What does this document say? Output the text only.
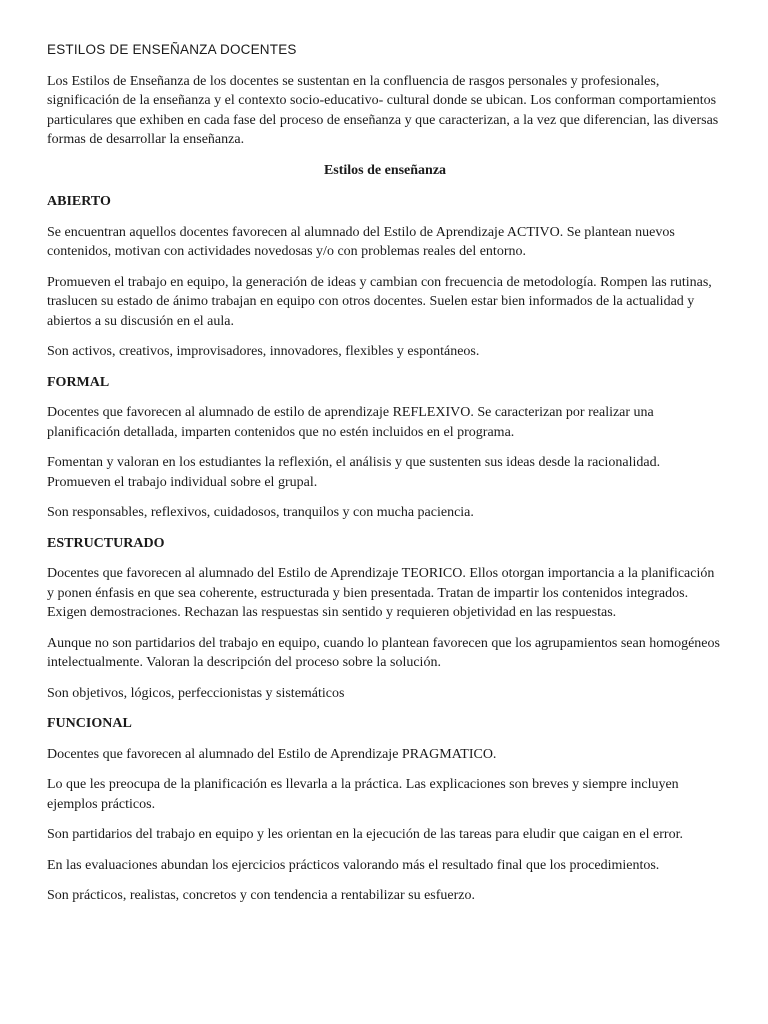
ESTILOS DE ENSEÑANZA DOCENTES

Los Estilos de Enseñanza de los docentes se sustentan en la confluencia de rasgos personales y profesionales, significación de la enseñanza y el contexto socio-educativo- cultural donde se ubican. Los conforman comportamientos particulares que exhiben en cada fase del proceso de enseñanza y que caracterizan, a la vez que diferencian, las diversas formas de desarrollar la enseñanza.

Estilos de enseñanza

ABIERTO

Se encuentran aquellos docentes favorecen al alumnado del Estilo de Aprendizaje ACTIVO. Se plantean nuevos contenidos, motivan con actividades novedosas y/o con problemas reales del entorno.

Promueven el trabajo en equipo, la generación de ideas y cambian con frecuencia de metodología. Rompen las rutinas, traslucen su estado de ánimo trabajan en equipo con otros docentes. Suelen estar bien informados de la actualidad y abiertos a su discusión en el aula.

Son activos, creativos, improvisadores, innovadores, flexibles y espontáneos.

FORMAL

Docentes que favorecen al alumnado de estilo de aprendizaje REFLEXIVO. Se caracterizan por realizar una planificación detallada, imparten contenidos que no estén incluidos en el programa.

Fomentan y valoran en los estudiantes la reflexión, el análisis y que sustenten sus ideas desde la racionalidad. Promueven el trabajo individual sobre el grupal.

Son responsables, reflexivos, cuidadosos, tranquilos y con mucha paciencia.

ESTRUCTURADO

Docentes que favorecen al alumnado del Estilo de Aprendizaje TEORICO. Ellos otorgan importancia a la planificación y ponen énfasis en que sea coherente, estructurada y bien presentada. Tratan de impartir los contenidos integrados. Exigen demostraciones. Rechazan las respuestas sin sentido y requieren objetividad en las respuestas.

Aunque no son partidarios del trabajo en equipo, cuando lo plantean favorecen que los agrupamientos sean homogéneos intelectualmente. Valoran la descripción del proceso sobre la solución.

Son objetivos, lógicos, perfeccionistas y sistemáticos

FUNCIONAL

Docentes que favorecen al alumnado del Estilo de Aprendizaje PRAGMATICO.

Lo que les preocupa de la planificación es llevarla a la práctica. Las explicaciones son breves y siempre incluyen ejemplos prácticos.

Son partidarios del trabajo en equipo y les orientan en la ejecución de las tareas para eludir que caigan en el error.

En las evaluaciones abundan los ejercicios prácticos valorando más el resultado final que los procedimientos.

Son prácticos, realistas, concretos y con tendencia a rentabilizar su esfuerzo.
